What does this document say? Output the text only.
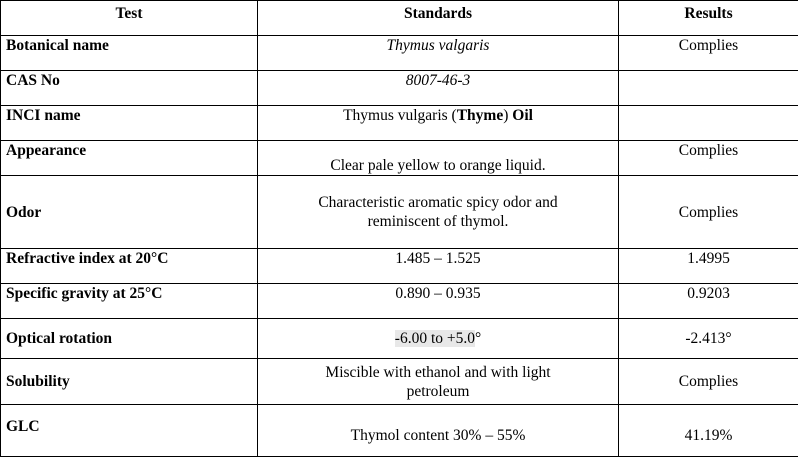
Test	Standards	Results
Botanical name	Thymus valgaris	Complies
CAS No	8007-46-3	
INCI name	Thymus vulgaris (Thyme) Oil	
Appearance	Clear pale yellow to orange liquid.	Complies
Odor	Characteristic aromatic spicy odor and reminiscent of thymol.	Complies
Refractive index at 20°C	1.485 – 1.525	1.4995
Specific gravity at 25°C	0.890 – 0.935	0.9203
Optical rotation	-6.00 to +5.0°	-2.413°
Solubility	Miscible with ethanol and with light petroleum	Complies
GLC	Thymol content 30% – 55%	41.19%
